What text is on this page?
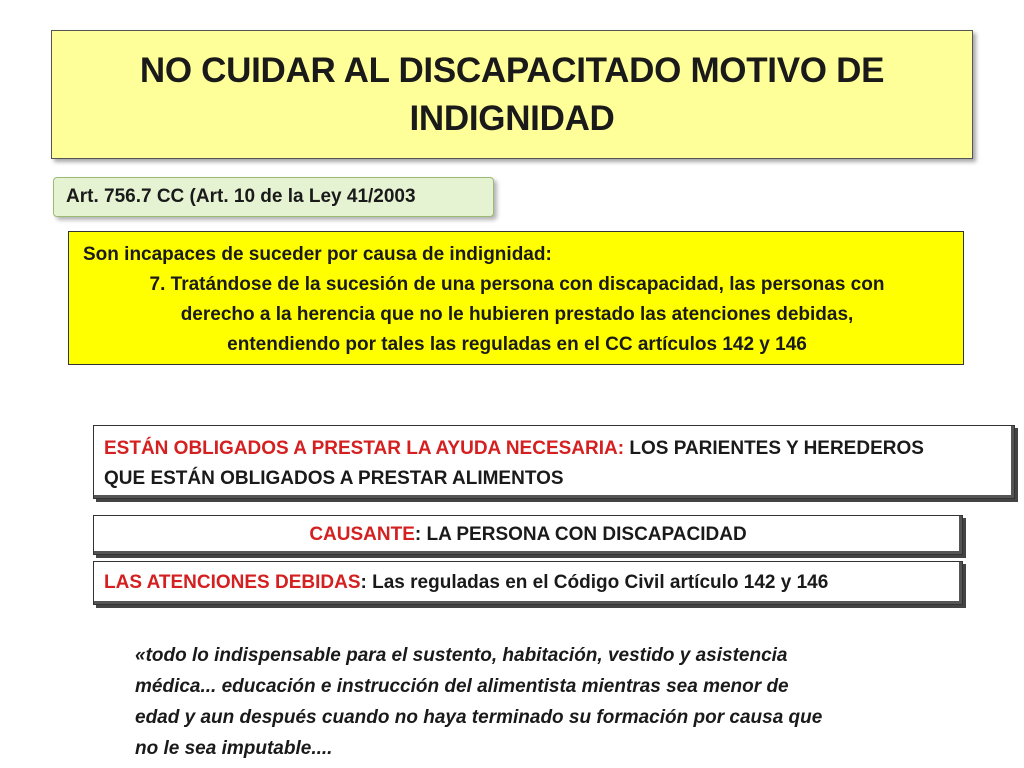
NO CUIDAR AL DISCAPACITADO MOTIVO DE
INDIGNIDAD
Art. 756.7 CC (Art. 10 de la Ley 41/2003
Son incapaces de suceder por causa de indignidad:
7. Tratándose de la sucesión de una persona con discapacidad, las personas con
derecho a la herencia que no le hubieren prestado las atenciones debidas,
entendiendo por tales las reguladas en el CC artículos 142 y 146

ESTÁN OBLIGADOS A PRESTAR LA AYUDA NECESARIA: LOS PARIENTES Y HEREDEROS
QUE ESTÁN OBLIGADOS A PRESTAR ALIMENTOS

CAUSANTE: LA PERSONA CON DISCAPACIDAD

LAS ATENCIONES DEBIDAS: Las reguladas en el Código Civil artículo 142 y 146

«todo lo indispensable para el sustento, habitación, vestido y asistencia
médica... educación e instrucción del alimentista mientras sea menor de
edad y aun después cuando no haya terminado su formación por causa que
no le sea imputable....
